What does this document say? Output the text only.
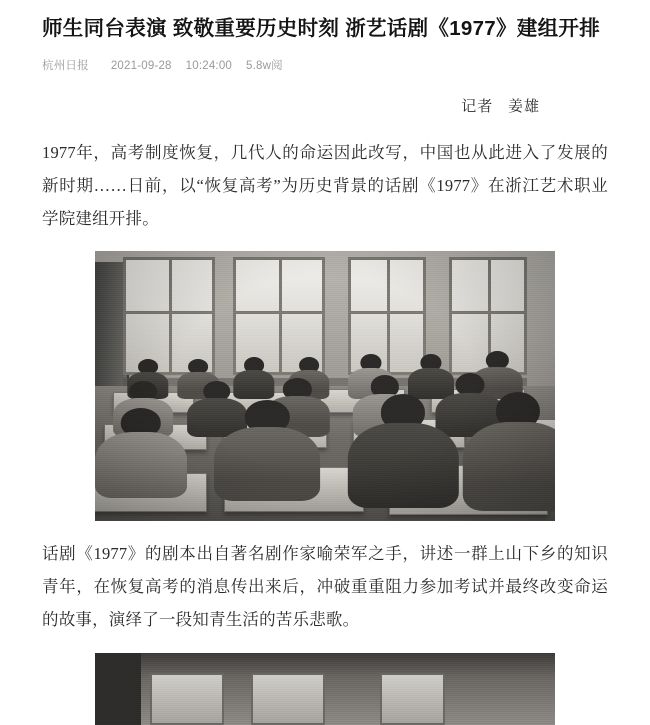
师生同台表演 致敬重要历史时刻 浙艺话剧《1977》建组开排
杭州日报 2021-09-28 10:24:00 5.8w阅
记者 姜雄

1977年，高考制度恢复，几代人的命运因此改写，中国也从此进入了发展的新时期……日前，以“恢复高考”为历史背景的话剧《1977》在浙江艺术职业学院建组开排。

话剧《1977》的剧本出自著名剧作家喻荣军之手，讲述一群上山下乡的知识青年，在恢复高考的消息传出来后，冲破重重阻力参加考试并最终改变命运的故事，演绎了一段知青生活的苦乐悲歌。
